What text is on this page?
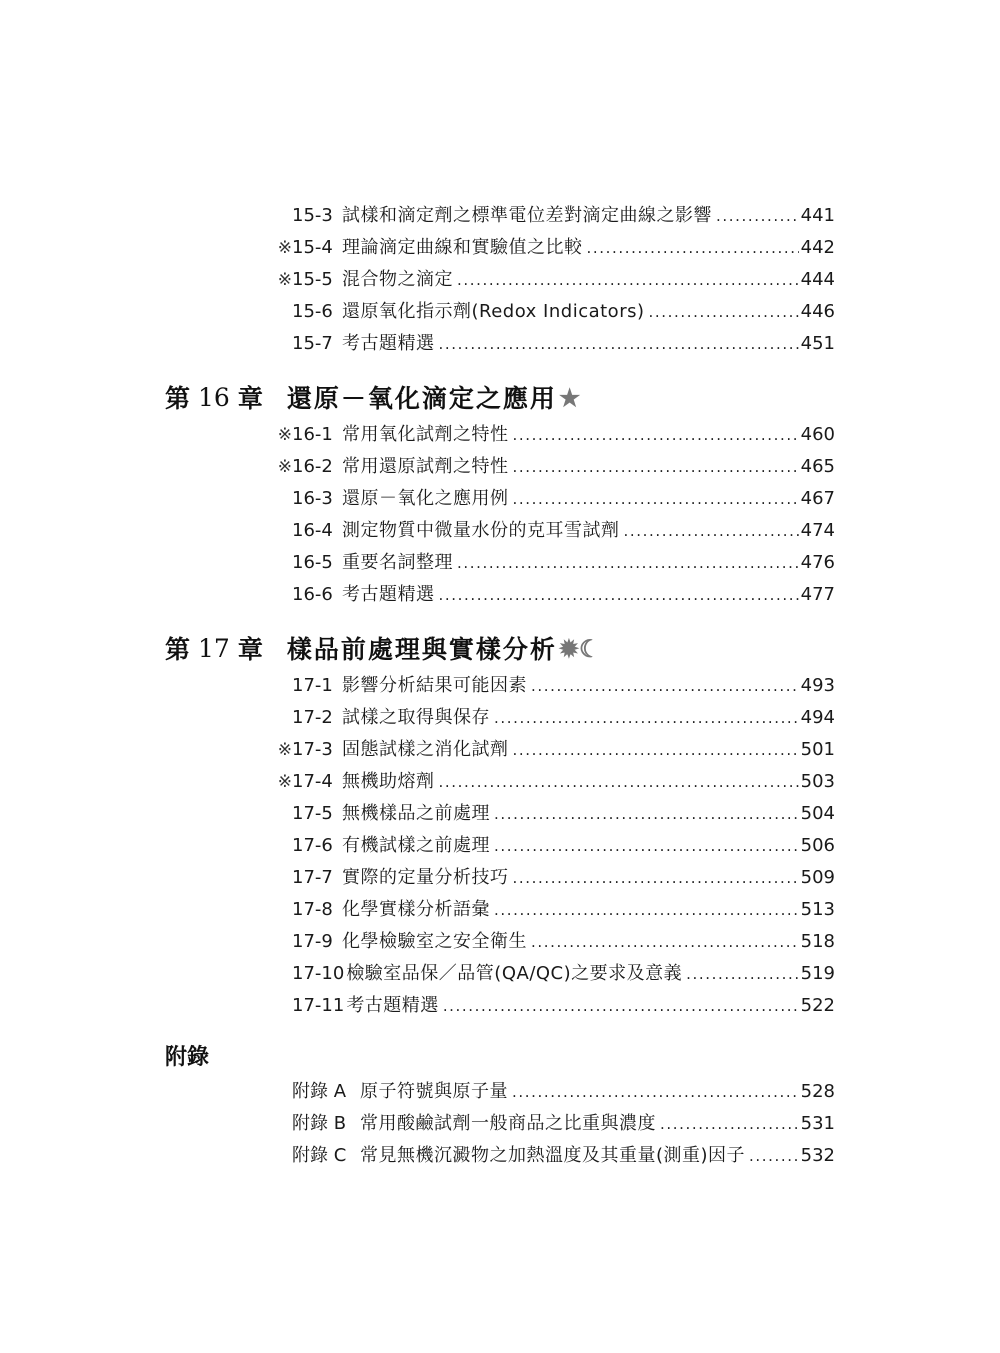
15-3 試樣和滴定劑之標準電位差對滴定曲線之影響 .....	441
※ 15-4 理論滴定曲線和實驗值之比較 .....	442
※ 15-5 混合物之滴定 .....	444
15-6 還原氧化指示劑(Redox Indicators) .....	446
15-7 考古題精選 .....	451
第 16 章 還原－氧化滴定之應用 ★
※ 16-1 常用氧化試劑之特性 .....	460
※ 16-2 常用還原試劑之特性 .....	465
16-3 還原－氧化之應用例 .....	467
16-4 測定物質中微量水份的克耳雪試劑 .....	474
16-5 重要名詞整理 .....	476
16-6 考古題精選 .....	477
第 17 章 樣品前處理與實樣分析 ✹☾
17-1 影響分析結果可能因素 .....	493
17-2 試樣之取得與保存 .....	494
※ 17-3 固態試樣之消化試劑 .....	501
※ 17-4 無機助熔劑 .....	503
17-5 無機樣品之前處理 .....	504
17-6 有機試樣之前處理 .....	506
17-7 實際的定量分析技巧 .....	509
17-8 化學實樣分析語彙 .....	513
17-9 化學檢驗室之安全衛生 .....	518
17-10 檢驗室品保／品管(QA/QC)之要求及意義 .....	519
17-11 考古題精選 .....	522
附錄
附錄 A 原子符號與原子量 .....	528
附錄 B 常用酸鹼試劑一般商品之比重與濃度 .....	531
附錄 C 常見無機沉澱物之加熱溫度及其重量(測重)因子 .....	532
